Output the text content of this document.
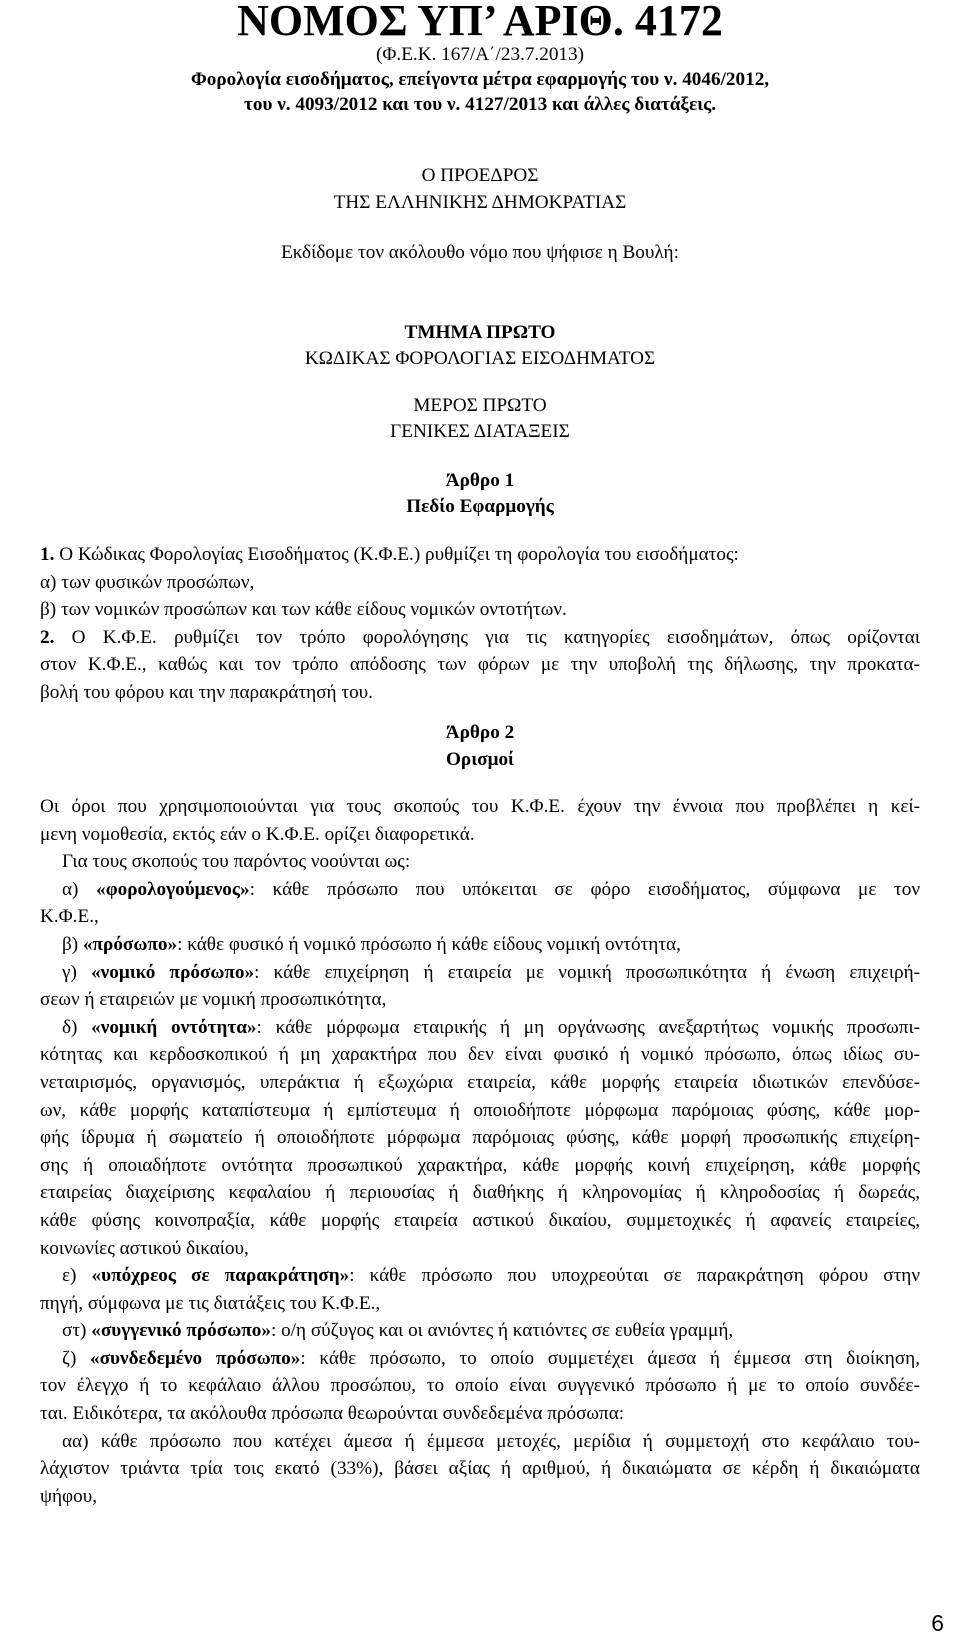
ΝΟΜΟΣ ΥΠ’ ΑΡΙΘ. 4172
(Φ.Ε.Κ. 167/Α΄/23.7.2013)
Φορολογία εισοδήματος, επείγοντα μέτρα εφαρμογής του ν. 4046/2012,
του ν. 4093/2012 και του ν. 4127/2013 και άλλες διατάξεις.
Ο ΠΡΟΕΔΡΟΣ
ΤΗΣ ΕΛΛΗΝΙΚΗΣ ΔΗΜΟΚΡΑΤΙΑΣ
Εκδίδομε τον ακόλουθο νόμο που ψήφισε η Βουλή:
ΤΜΗΜΑ ΠΡΩΤΟ
ΚΩΔΙΚΑΣ ΦΟΡΟΛΟΓΙΑΣ ΕΙΣΟΔΗΜΑΤΟΣ
ΜΕΡΟΣ ΠΡΩΤΟ
ΓΕΝΙΚΕΣ ΔΙΑΤΑΞΕΙΣ
Άρθρο 1
Πεδίο Εφαρμογής

1. Ο Κώδικας Φορολογίας Εισοδήματος (Κ.Φ.Ε.) ρυθμίζει τη φορολογία του εισοδήματος:

α) των φυσικών προσώπων,

β) των νομικών προσώπων και των κάθε είδους νομικών οντοτήτων.

2. Ο Κ.Φ.Ε. ρυθμίζει τον τρόπο φορολόγησης για τις κατηγορίες εισοδημάτων, όπως ορίζονται

στον Κ.Φ.Ε., καθώς και τον τρόπο απόδοσης των φόρων με την υποβολή της δήλωσης, την προκατα-

βολή του φόρου και την παρακράτησή του.

Άρθρο 2
Ορισμοί

Οι όροι που χρησιμοποιούνται για τους σκοπούς του Κ.Φ.Ε. έχουν την έννοια που προβλέπει η κεί-

μενη νομοθεσία, εκτός εάν ο Κ.Φ.Ε. ορίζει διαφορετικά.

Για τους σκοπούς του παρόντος νοούνται ως:

α) «φορολογούμενος»: κάθε πρόσωπο που υπόκειται σε φόρο εισοδήματος, σύμφωνα με τον

Κ.Φ.Ε.,

β) «πρόσωπο»: κάθε φυσικό ή νομικό πρόσωπο ή κάθε είδους νομική οντότητα,

γ) «νομικό πρόσωπο»: κάθε επιχείρηση ή εταιρεία με νομική προσωπικότητα ή ένωση επιχειρή-

σεων ή εταιρειών με νομική προσωπικότητα,

δ) «νομική οντότητα»: κάθε μόρφωμα εταιρικής ή μη οργάνωσης ανεξαρτήτως νομικής προσωπι-

κότητας και κερδοσκοπικού ή μη χαρακτήρα που δεν είναι φυσικό ή νομικό πρόσωπο, όπως ιδίως συ-

νεταιρισμός, οργανισμός, υπεράκτια ή εξωχώρια εταιρεία, κάθε μορφής εταιρεία ιδιωτικών επενδύσε-

ων, κάθε μορφής καταπίστευμα ή εμπίστευμα ή οποιοδήποτε μόρφωμα παρόμοιας φύσης, κάθε μορ-

φής ίδρυμα ή σωματείο ή οποιοδήποτε μόρφωμα παρόμοιας φύσης, κάθε μορφή προσωπικής επιχείρη-

σης ή οποιαδήποτε οντότητα προσωπικού χαρακτήρα, κάθε μορφής κοινή επιχείρηση, κάθε μορφής

εταιρείας διαχείρισης κεφαλαίου ή περιουσίας ή διαθήκης ή κληρονομίας ή κληροδοσίας ή δωρεάς,

κάθε φύσης κοινοπραξία, κάθε μορφής εταιρεία αστικού δικαίου, συμμετοχικές ή αφανείς εταιρείες,

κοινωνίες αστικού δικαίου,

ε) «υπόχρεος σε παρακράτηση»: κάθε πρόσωπο που υποχρεούται σε παρακράτηση φόρου στην

πηγή, σύμφωνα με τις διατάξεις του Κ.Φ.Ε.,

στ) «συγγενικό πρόσωπο»: ο/η σύζυγος και οι ανιόντες ή κατιόντες σε ευθεία γραμμή,

ζ) «συνδεδεμένο πρόσωπο»: κάθε πρόσωπο, το οποίο συμμετέχει άμεσα ή έμμεσα στη διοίκηση,

τον έλεγχο ή το κεφάλαιο άλλου προσώπου, το οποίο είναι συγγενικό πρόσωπο ή με το οποίο συνδέε-

ται. Ειδικότερα, τα ακόλουθα πρόσωπα θεωρούνται συνδεδεμένα πρόσωπα:

αα) κάθε πρόσωπο που κατέχει άμεσα ή έμμεσα μετοχές, μερίδια ή συμμετοχή στο κεφάλαιο του-

λάχιστον τριάντα τρία τοις εκατό (33%), βάσει αξίας ή αριθμού, ή δικαιώματα σε κέρδη ή δικαιώματα

ψήφου,

6
